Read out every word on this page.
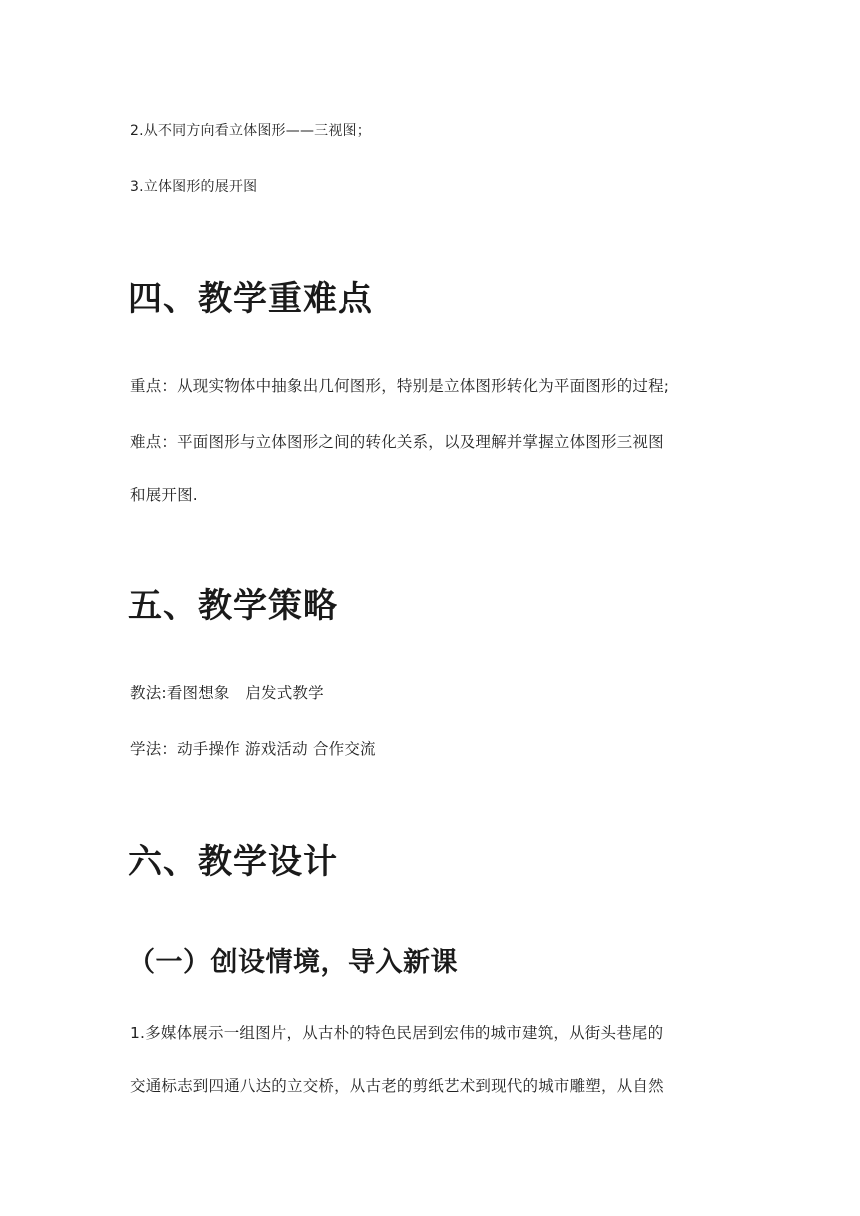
2.从不同方向看立体图形——三视图；
3.立体图形的展开图
四、教学重难点
重点：从现实物体中抽象出几何图形，特别是立体图形转化为平面图形的过程;
难点：平面图形与立体图形之间的转化关系，以及理解并掌握立体图形三视图
和展开图.
五、教学策略
教法:看图想象　启发式教学
学法：动手操作 游戏活动 合作交流
六、教学设计
（一）创设情境，导入新课
1.多媒体展示一组图片，从古朴的特色民居到宏伟的城市建筑，从街头巷尾的
交通标志到四通八达的立交桥，从古老的剪纸艺术到现代的城市雕塑，从自然
